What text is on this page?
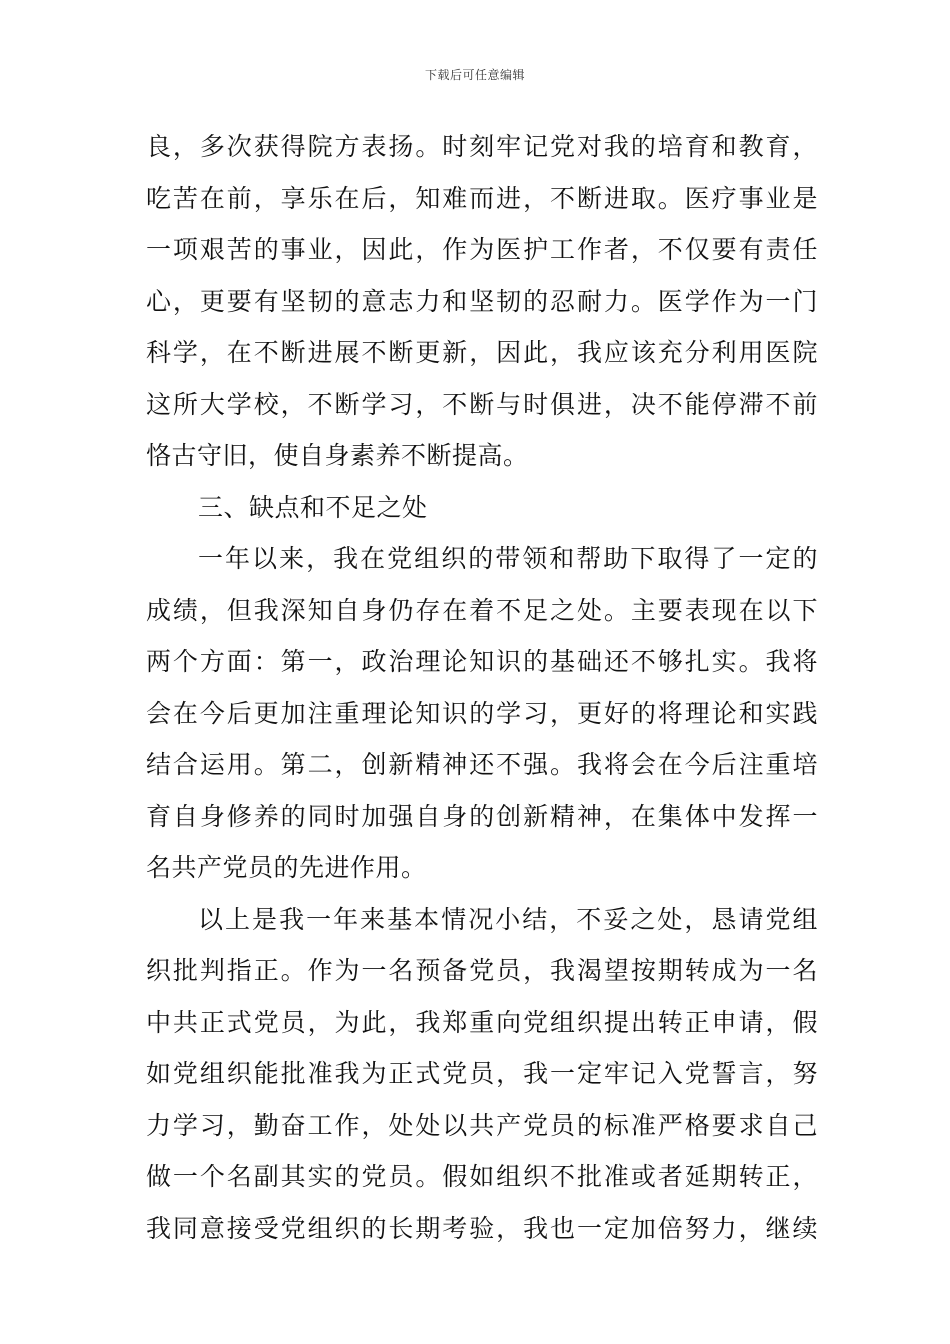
下载后可任意编辑
良，多次获得院方表扬。时刻牢记党对我的培育和教育，
吃苦在前，享乐在后，知难而进，不断进取。医疗事业是
一项艰苦的事业，因此，作为医护工作者，不仅要有责任
心，更要有坚韧的意志力和坚韧的忍耐力。医学作为一门
科学，在不断进展不断更新，因此，我应该充分利用医院
这所大学校，不断学习，不断与时俱进，决不能停滞不前
恪古守旧，使自身素养不断提高。
三、缺点和不足之处
一年以来，我在党组织的带领和帮助下取得了一定的
成绩，但我深知自身仍存在着不足之处。主要表现在以下
两个方面：第一，政治理论知识的基础还不够扎实。我将
会在今后更加注重理论知识的学习，更好的将理论和实践
结合运用。第二，创新精神还不强。我将会在今后注重培
育自身修养的同时加强自身的创新精神，在集体中发挥一
名共产党员的先进作用。
以上是我一年来基本情况小结，不妥之处，恳请党组
织批判指正。作为一名预备党员，我渴望按期转成为一名
中共正式党员，为此，我郑重向党组织提出转正申请，假
如党组织能批准我为正式党员，我一定牢记入党誓言，努
力学习，勤奋工作，处处以共产党员的标准严格要求自己
做一个名副其实的党员。假如组织不批准或者延期转正，
我同意接受党组织的长期考验，我也一定加倍努力，继续
